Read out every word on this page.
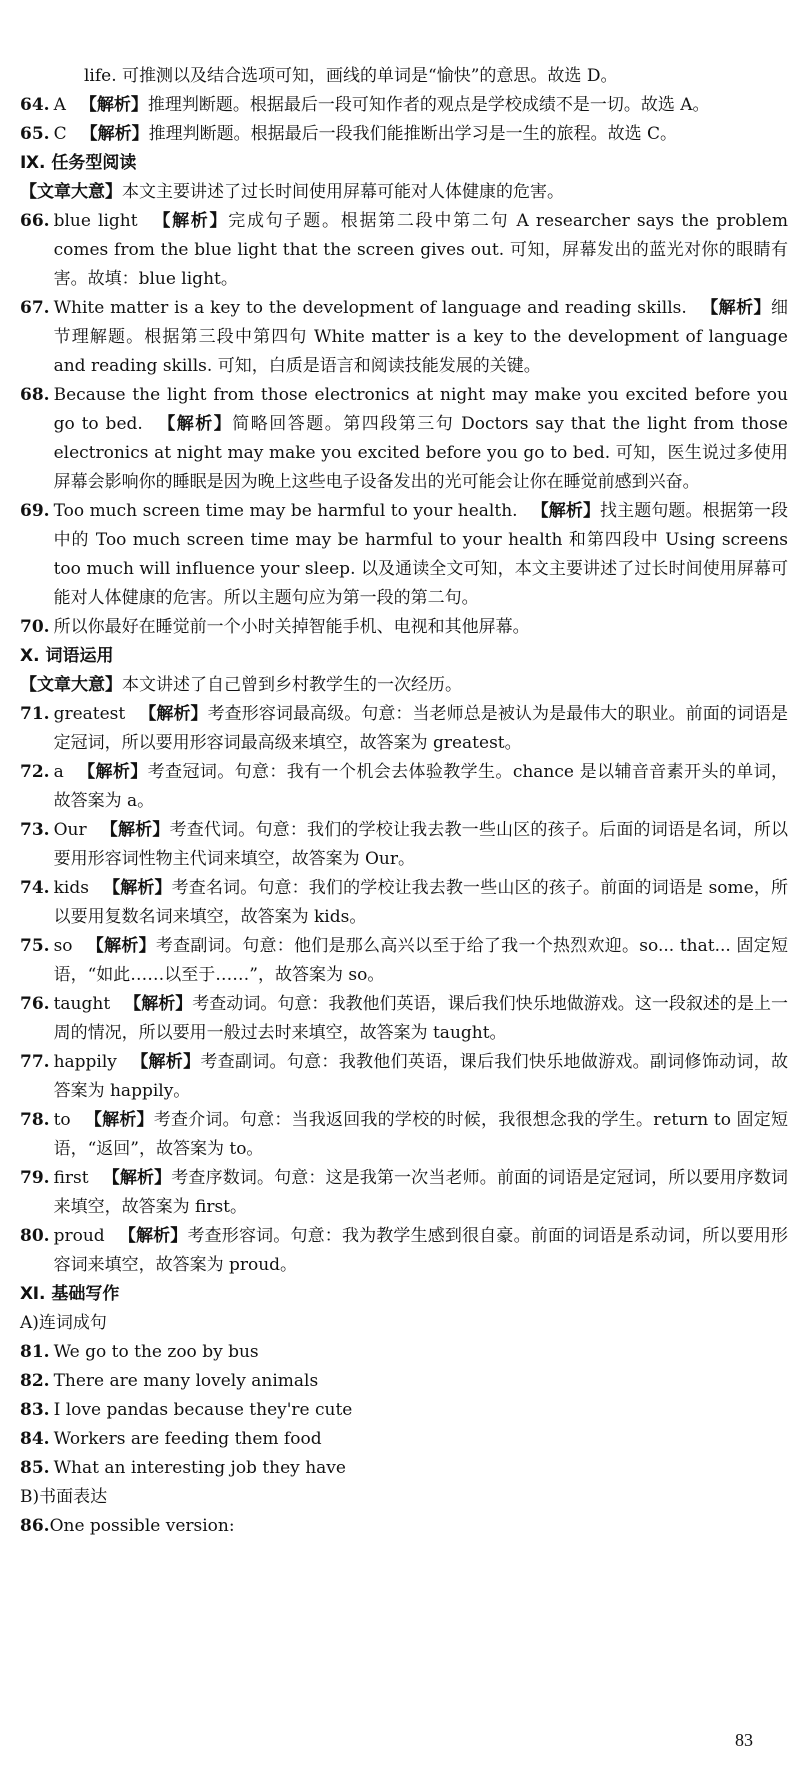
life. 可推测以及结合选项可知，画线的单词是“愉快”的意思。故选 D。

64. A 【解析】推理判断题。根据最后一段可知作者的观点是学校成绩不是一切。故选 A。
65. C 【解析】推理判断题。根据最后一段我们能推断出学习是一生的旅程。故选 C。

Ⅸ. 任务型阅读

【文章大意】本文主要讲述了过长时间使用屏幕可能对人体健康的危害。

66. blue light 【解析】完成句子题。根据第二段中第二句 A researcher says the problem comes from the blue light that the screen gives out. 可知，屏幕发出的蓝光对你的眼睛有害。故填：blue light。
67. White matter is a key to the development of language and reading skills. 【解析】细节理解题。根据第三段中第四句 White matter is a key to the development of language and reading skills. 可知，白质是语言和阅读技能发展的关键。
68. Because the light from those electronics at night may make you excited before you go to bed. 【解析】简略回答题。第四段第三句 Doctors say that the light from those electronics at night may make you excited before you go to bed. 可知，医生说过多使用屏幕会影响你的睡眠是因为晚上这些电子设备发出的光可能会让你在睡觉前感到兴奋。
69. Too much screen time may be harmful to your health. 【解析】找主题句题。根据第一段中的 Too much screen time may be harmful to your health 和第四段中 Using screens too much will influence your sleep. 以及通读全文可知，本文主要讲述了过长时间使用屏幕可能对人体健康的危害。所以主题句应为第一段的第二句。
70. 所以你最好在睡觉前一个小时关掉智能手机、电视和其他屏幕。

Ⅹ. 词语运用

【文章大意】本文讲述了自己曾到乡村教学生的一次经历。

71. greatest 【解析】考查形容词最高级。句意：当老师总是被认为是最伟大的职业。前面的词语是定冠词，所以要用形容词最高级来填空，故答案为 greatest。
72. a 【解析】考查冠词。句意：我有一个机会去体验教学生。chance 是以辅音音素开头的单词，故答案为 a。
73. Our 【解析】考查代词。句意：我们的学校让我去教一些山区的孩子。后面的词语是名词，所以要用形容词性物主代词来填空，故答案为 Our。
74. kids 【解析】考查名词。句意：我们的学校让我去教一些山区的孩子。前面的词语是 some，所以要用复数名词来填空，故答案为 kids。
75. so 【解析】考查副词。句意：他们是那么高兴以至于给了我一个热烈欢迎。so... that... 固定短语，“如此……以至于……”，故答案为 so。
76. taught 【解析】考查动词。句意：我教他们英语，课后我们快乐地做游戏。这一段叙述的是上一周的情况，所以要用一般过去时来填空，故答案为 taught。
77. happily 【解析】考查副词。句意：我教他们英语，课后我们快乐地做游戏。副词修饰动词，故答案为 happily。
78. to 【解析】考查介词。句意：当我返回我的学校的时候，我很想念我的学生。return to 固定短语，“返回”，故答案为 to。
79. first 【解析】考查序数词。句意：这是我第一次当老师。前面的词语是定冠词，所以要用序数词来填空，故答案为 first。
80. proud 【解析】考查形容词。句意：我为教学生感到很自豪。前面的词语是系动词，所以要用形容词来填空，故答案为 proud。

Ⅺ. 基础写作

A)连词成句

81. We go to the zoo by bus
82. There are many lovely animals
83. I love pandas because they're cute
84. Workers are feeding them food
85. What an interesting job they have

B)书面表达

86. One possible version:
83
